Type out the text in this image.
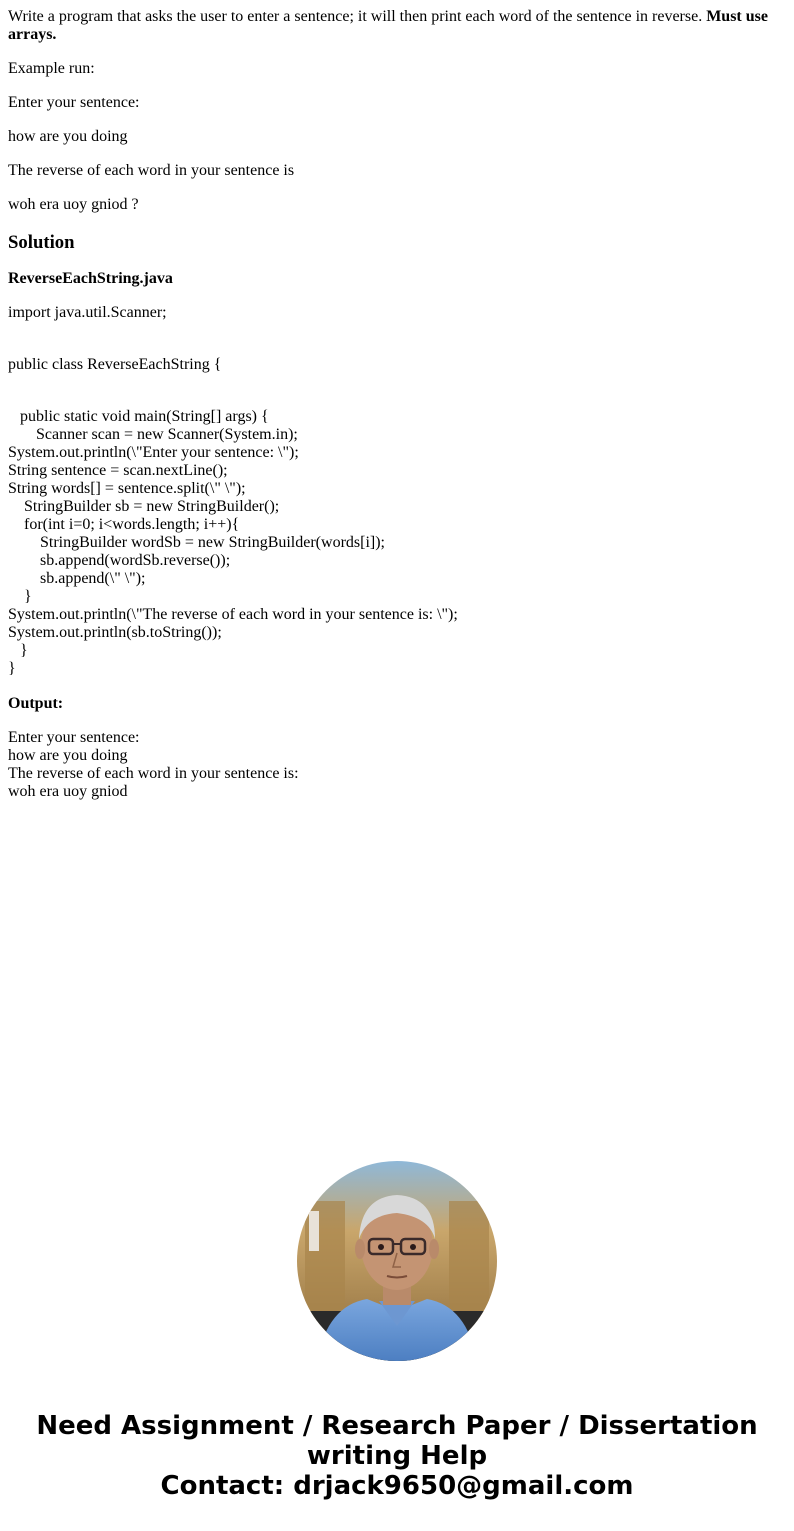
Write a program that asks the user to enter a sentence; it will then print each word of the sentence in reverse. Must use arrays.

Example run:

Enter your sentence:

how are you doing

The reverse of each word in your sentence is

woh era uoy gniod ?

Solution
ReverseEachString.java

import java.util.Scanner;

public class ReverseEachString {

public static void main(String[] args) {
Scanner scan = new Scanner(System.in);
System.out.println(\"Enter your sentence: \");
String sentence = scan.nextLine();
String words[] = sentence.split(\" \");
StringBuilder sb = new StringBuilder();
for(int i=0; i<words.length; i++){
StringBuilder wordSb = new StringBuilder(words[i]);
sb.append(wordSb.reverse());
sb.append(\" \");
}
System.out.println(\"The reverse of each word in your sentence is: \");
System.out.println(sb.toString());
}
}
Output:
Enter your sentence:
how are you doing
The reverse of each word in your sentence is:
woh era uoy gniod
Need Assignment / Research Paper / Dissertation
writing Help
Contact: drjack9650@gmail.com
